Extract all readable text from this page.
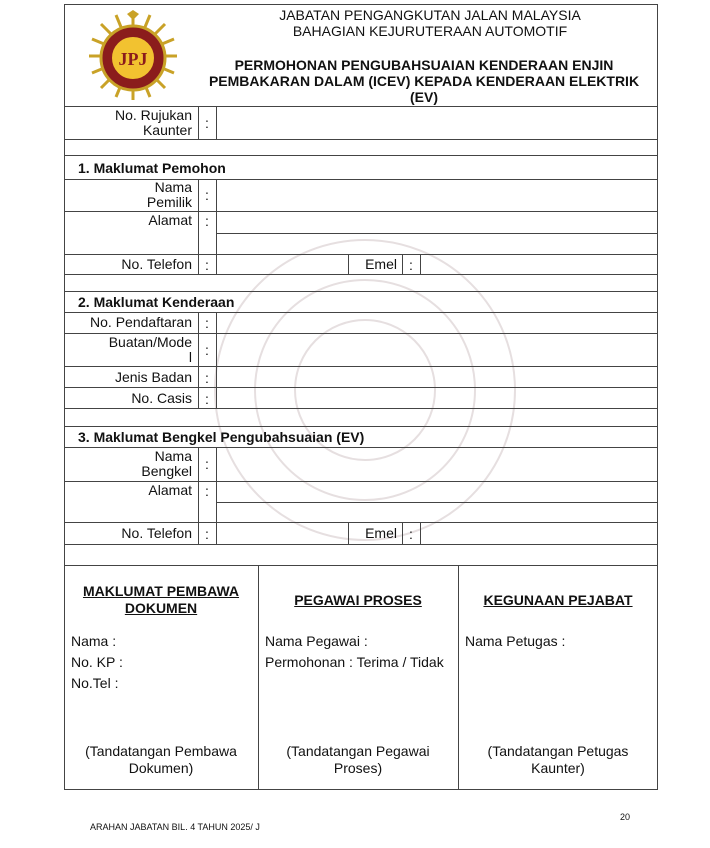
JPJ
JABATAN PENGANGKUTAN JALAN MALAYSIA
BAHAGIAN KEJURUTERAAN AUTOMOTIF
PERMOHONAN PENGUBAHSUAIAN KENDERAAN ENJIN
PEMBAKARAN DALAM (ICEV) KEPADA KENDERAAN ELEKTRIK
(EV)
No. Rujukan
Kaunter :
1. Maklumat Pemohon
Nama
Pemilik :
Alamat :
No. Telefon :	Emel :
2. Maklumat Kenderaan
No. Pendaftaran :
Buatan/Mode
l :
Jenis Badan :
No. Casis :
3. Maklumat Bengkel Pengubahsuaian (EV)
Nama
Bengkel :
Alamat :
No. Telefon :	Emel :
MAKLUMAT PEMBAWA
DOKUMEN
Nama :
No. KP :
No.Tel :
(Tandatangan Pembawa
Dokumen)
PEGAWAI PROSES
Nama Pegawai :
Permohonan : Terima / Tidak
(Tandatangan Pegawai
Proses)
KEGUNAAN PEJABAT
Nama Petugas :
(Tandatangan Petugas
Kaunter)
20
ARAHAN JABATAN BIL. 4 TAHUN 2025/ J
